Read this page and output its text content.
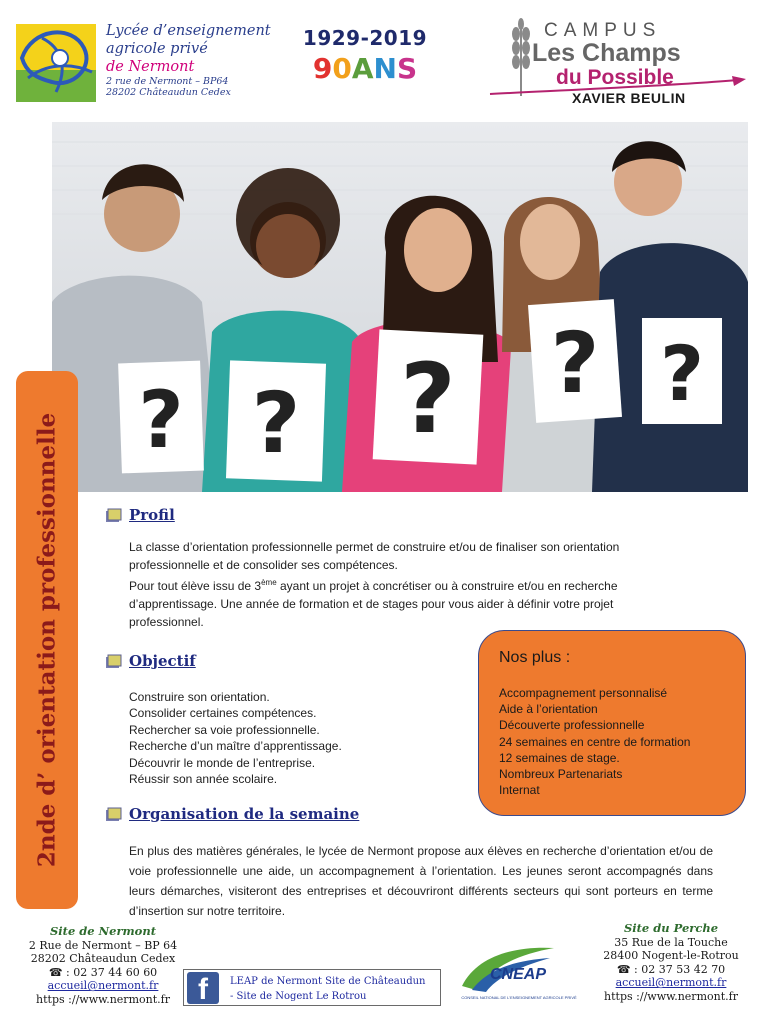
Lycée d’enseignement
agricole privé
de Nermont
2 rue de Nermont – BP64
28202 Châteaudun Cedex
1929-2019
90ANS
CAMPUS
Les Champs
du Possible
XAVIER BEULIN
? ? ? ? ?
2nde d’ orientation professionnelle	Profil

La classe d’orientation professionnelle permet de construire et/ou de finaliser son orientation

professionnelle et de consolider ses compétences.

Pour tout élève issu de 3ème ayant un projet à concrétiser ou à construire et/ou en recherche

d’apprentissage. Une année de formation et de stages pour vous aider à définir votre projet

professionnel.

Objectif
Construire son orientation.
Consolider certaines compétences.
Rechercher sa voie professionnelle.
Recherche d’un maître d’apprentissage.
Découvrir le monde de l’entreprise.
Réussir son année scolaire.
Nos plus :
Accompagnement personnalisé
Aide à l’orientation
Découverte professionnelle
24 semaines en centre de formation
12 semaines de stage.
Nombreux Partenariats
Internat
Organisation de la semaine
En plus des matières générales, le lycée de Nermont propose aux élèves en recherche d’orientation et/ou de voie professionnelle une aide, un accompagnement à l’orientation. Les jeunes seront accompagnés dans leurs démarches, visiteront des entreprises et découvriront différents secteurs qui sont porteurs en terme d’insertion sur notre territoire.
Site de Nermont
2 Rue de Nermont – BP 64
28202 Châteaudun Cedex
☎ : 02 37 44 60 60
accueil@nermont.fr
https ://www.nermont.fr f	LEAP de Nermont Site de Châteaudun
- Site de Nogent Le Rotrou
CNEAP
CONSEIL NATIONAL DE L’ENSEIGNEMENT AGRICOLE PRIVÉ
Site du Perche
35 Rue de la Touche
28400 Nogent-le-Rotrou
☎ : 02 37 53 42 70
accueil@nermont.fr
https ://www.nermont.fr
